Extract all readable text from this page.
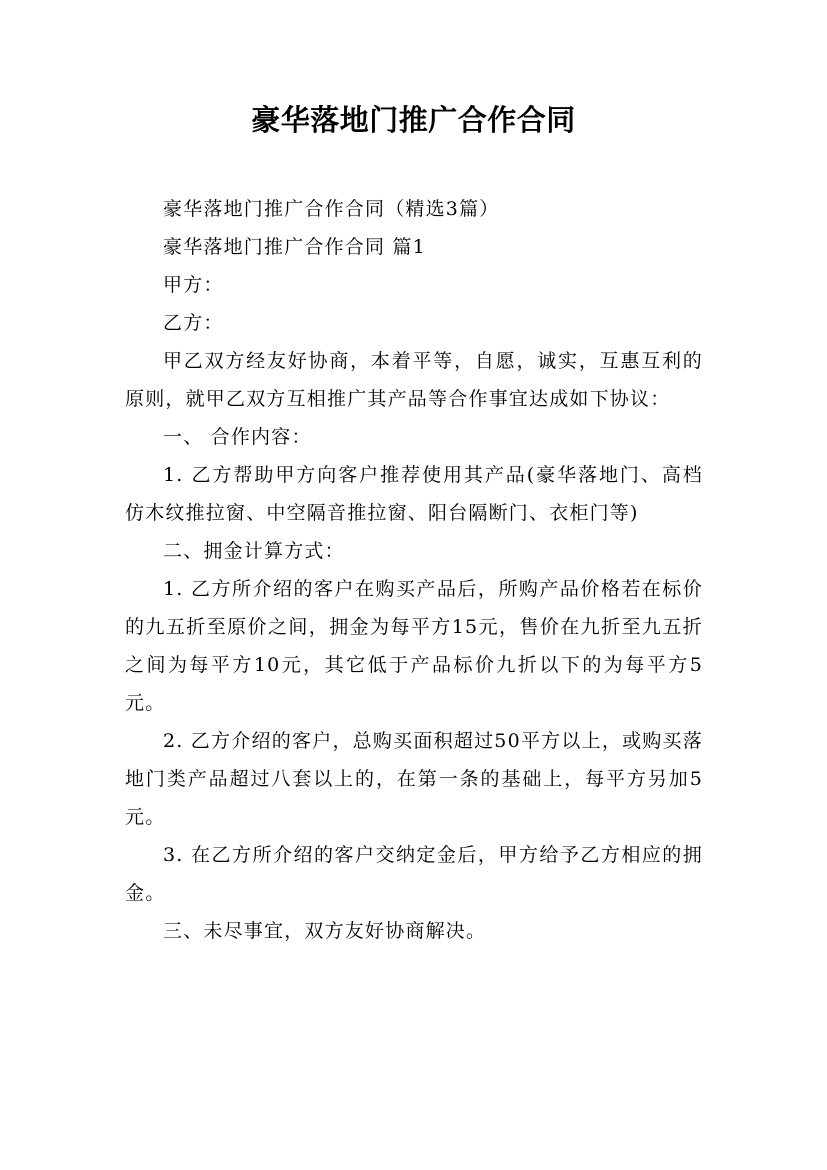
豪华落地门推广合作合同

豪华落地门推广合作合同（精选3篇）

豪华落地门推广合作合同 篇1

甲方：

乙方：

甲乙双方经友好协商，本着平等，自愿，诚实，互惠互利的原则，就甲乙双方互相推广其产品等合作事宜达成如下协议：

一、 合作内容：

1. 乙方帮助甲方向客户推荐使用其产品(豪华落地门、高档仿木纹推拉窗、中空隔音推拉窗、阳台隔断门、衣柜门等)

二、拥金计算方式：

1. 乙方所介绍的客户在购买产品后，所购产品价格若在标价的九五折至原价之间，拥金为每平方15元，售价在九折至九五折之间为每平方10元，其它低于产品标价九折以下的为每平方5元。

2. 乙方介绍的客户，总购买面积超过50平方以上，或购买落地门类产品超过八套以上的，在第一条的基础上，每平方另加5元。

3. 在乙方所介绍的客户交纳定金后，甲方给予乙方相应的拥金。

三、未尽事宜，双方友好协商解决。
